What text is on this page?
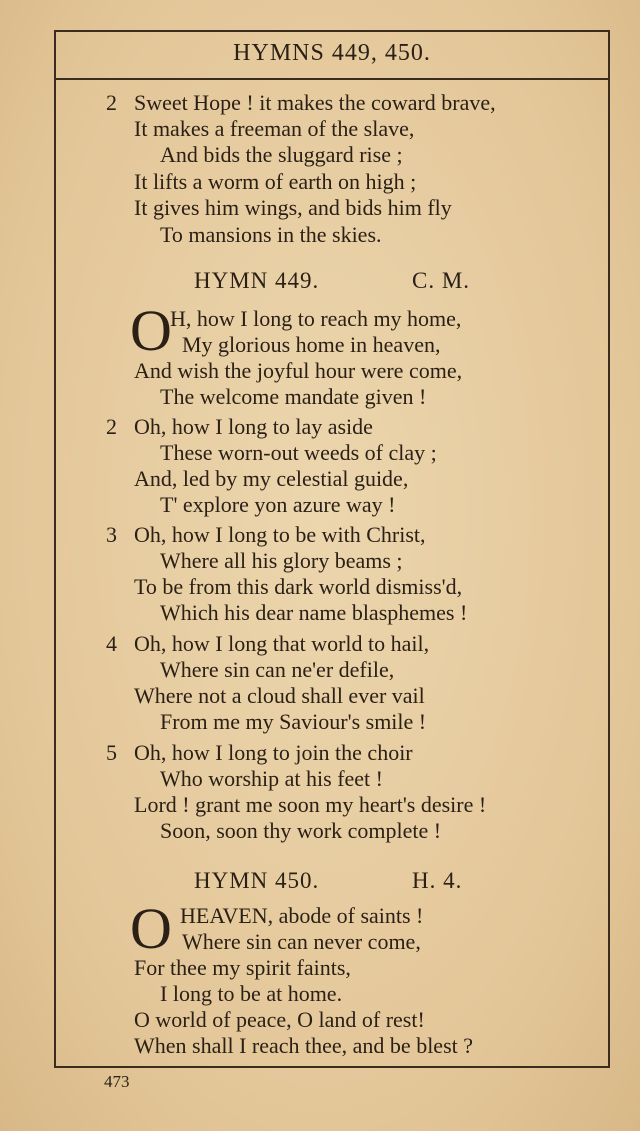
HYMNS 449, 450.
2 Sweet Hope ! it makes the coward brave,
It makes a freeman of the slave,
And bids the sluggard rise ;
It lifts a worm of earth on high ;
It gives him wings, and bids him fly
To mansions in the skies.
HYMN 449.	C. M.
O
H, how I long to reach my home,
My glorious home in heaven,
And wish the joyful hour were come,
The welcome mandate given !
2 Oh, how I long to lay aside
These worn-out weeds of clay ;
And, led by my celestial guide,
T' explore yon azure way !
3 Oh, how I long to be with Christ,
Where all his glory beams ;
To be from this dark world dismiss'd,
Which his dear name blasphemes !
4 Oh, how I long that world to hail,
Where sin can ne'er defile,
Where not a cloud shall ever vail
From me my Saviour's smile !
5 Oh, how I long to join the choir
Who worship at his feet !
Lord ! grant me soon my heart's desire !
Soon, soon thy work complete !
HYMN 450.	H. 4.
O HEAVEN, abode of saints !
Where sin can never come,
For thee my spirit faints,
I long to be at home.
O world of peace, O land of rest!
When shall I reach thee, and be blest ?
473
